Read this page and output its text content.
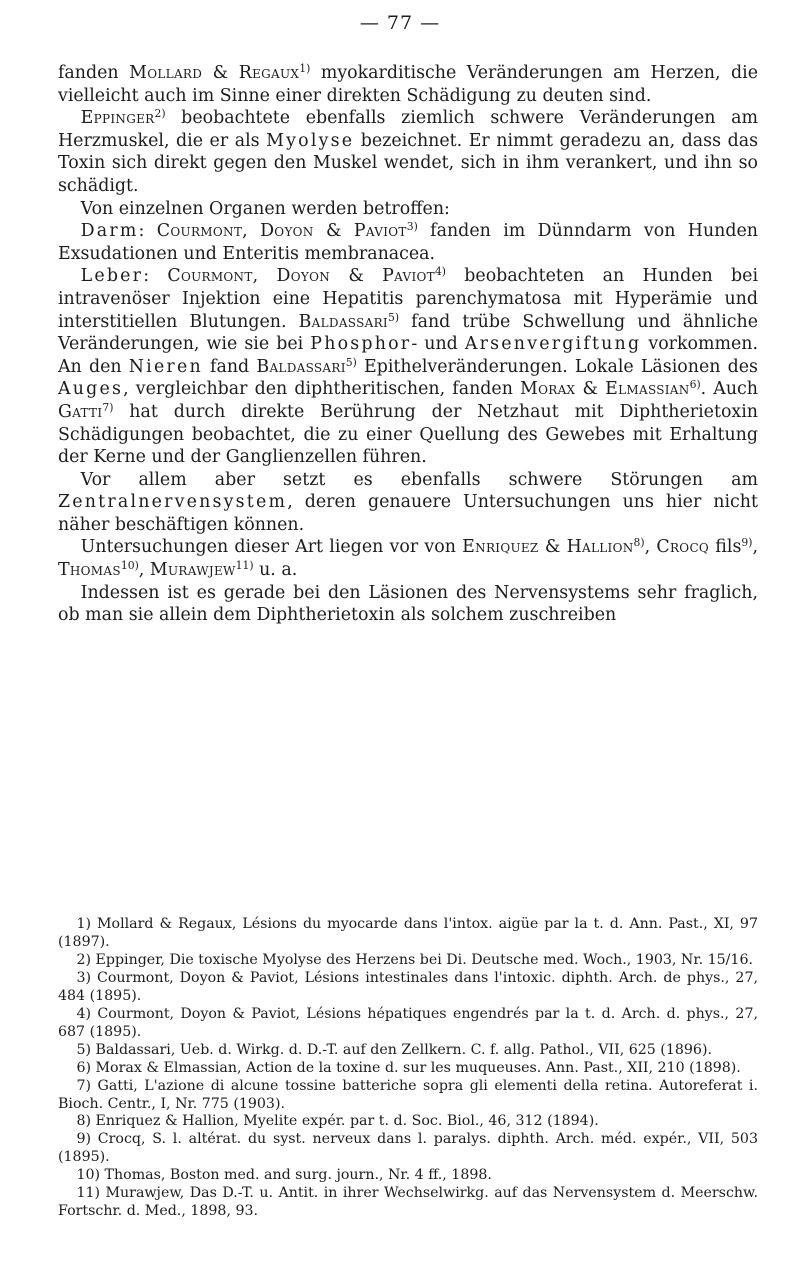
— 77 —

fanden Mollard & Regaux$^{1)}$ myokarditische Veränderungen am Herzen, die vielleicht auch im Sinne einer direkten Schädigung zu deuten sind.

Eppinger$^{2)}$ beobachtete ebenfalls ziemlich schwere Veränderungen am Herzmuskel, die er als Myolyse bezeichnet. Er nimmt geradezu an, dass das Toxin sich direkt gegen den Muskel wendet, sich in ihm verankert, und ihn so schädigt.

Von einzelnen Organen werden betroffen:

Darm: Courmont, Doyon & Paviot$^{3)}$ fanden im Dünndarm von Hunden Exsudationen und Enteritis membranacea.

Leber: Courmont, Doyon & Paviot$^{4)}$ beobachteten an Hunden bei intravenöser Injektion eine Hepatitis parenchymatosa mit Hyperämie und interstitiellen Blutungen. Baldassari$^{5)}$ fand trübe Schwellung und ähnliche Veränderungen, wie sie bei Phosphor- und Arsenvergiftung vorkommen. An den Nieren fand Baldassari$^{5)}$ Epithelveränderungen. Lokale Läsionen des Auges, vergleichbar den diphtheritischen, fanden Morax & Elmassian$^{6)}$. Auch Gatti$^{7)}$ hat durch direkte Berührung der Netzhaut mit Diphtherietoxin Schädigungen beobachtet, die zu einer Quellung des Gewebes mit Erhaltung der Kerne und der Ganglienzellen führen.

Vor allem aber setzt es ebenfalls schwere Störungen am Zentralnervensystem, deren genauere Untersuchungen uns hier nicht näher beschäftigen können.

Untersuchungen dieser Art liegen vor von Enriquez & Hallion$^{8)}$, Crocq fils$^{9)}$, Thomas$^{10)}$, Murawjew$^{11)}$ u. a.

Indessen ist es gerade bei den Läsionen des Nervensystems sehr fraglich, ob man sie allein dem Diphtherietoxin als solchem zuschreiben

1) Mollard & Regaux, Lésions du myocarde dans l'intox. aigüe par la t. d. Ann. Past., XI, 97 (1897).

2) Eppinger, Die toxische Myolyse des Herzens bei Di. Deutsche med. Woch., 1903, Nr. 15/16.

3) Courmont, Doyon & Paviot, Lésions intestinales dans l'intoxic. diphth. Arch. de phys., 27, 484 (1895).

4) Courmont, Doyon & Paviot, Lésions hépatiques engendrés par la t. d. Arch. d. phys., 27, 687 (1895).

5) Baldassari, Ueb. d. Wirkg. d. D.-T. auf den Zellkern. C. f. allg. Pathol., VII, 625 (1896).

6) Morax & Elmassian, Action de la toxine d. sur les muqueuses. Ann. Past., XII, 210 (1898).

7) Gatti, L'azione di alcune tossine batteriche sopra gli elementi della retina. Autoreferat i. Bioch. Centr., I, Nr. 775 (1903).

8) Enriquez & Hallion, Myelite expér. par t. d. Soc. Biol., 46, 312 (1894).

9) Crocq, S. l. altérat. du syst. nerveux dans l. paralys. diphth. Arch. méd. expér., VII, 503 (1895).

10) Thomas, Boston med. and surg. journ., Nr. 4 ff., 1898.

11) Murawjew, Das D.-T. u. Antit. in ihrer Wechselwirkg. auf das Nervensystem d. Meerschw. Fortschr. d. Med., 1898, 93.
